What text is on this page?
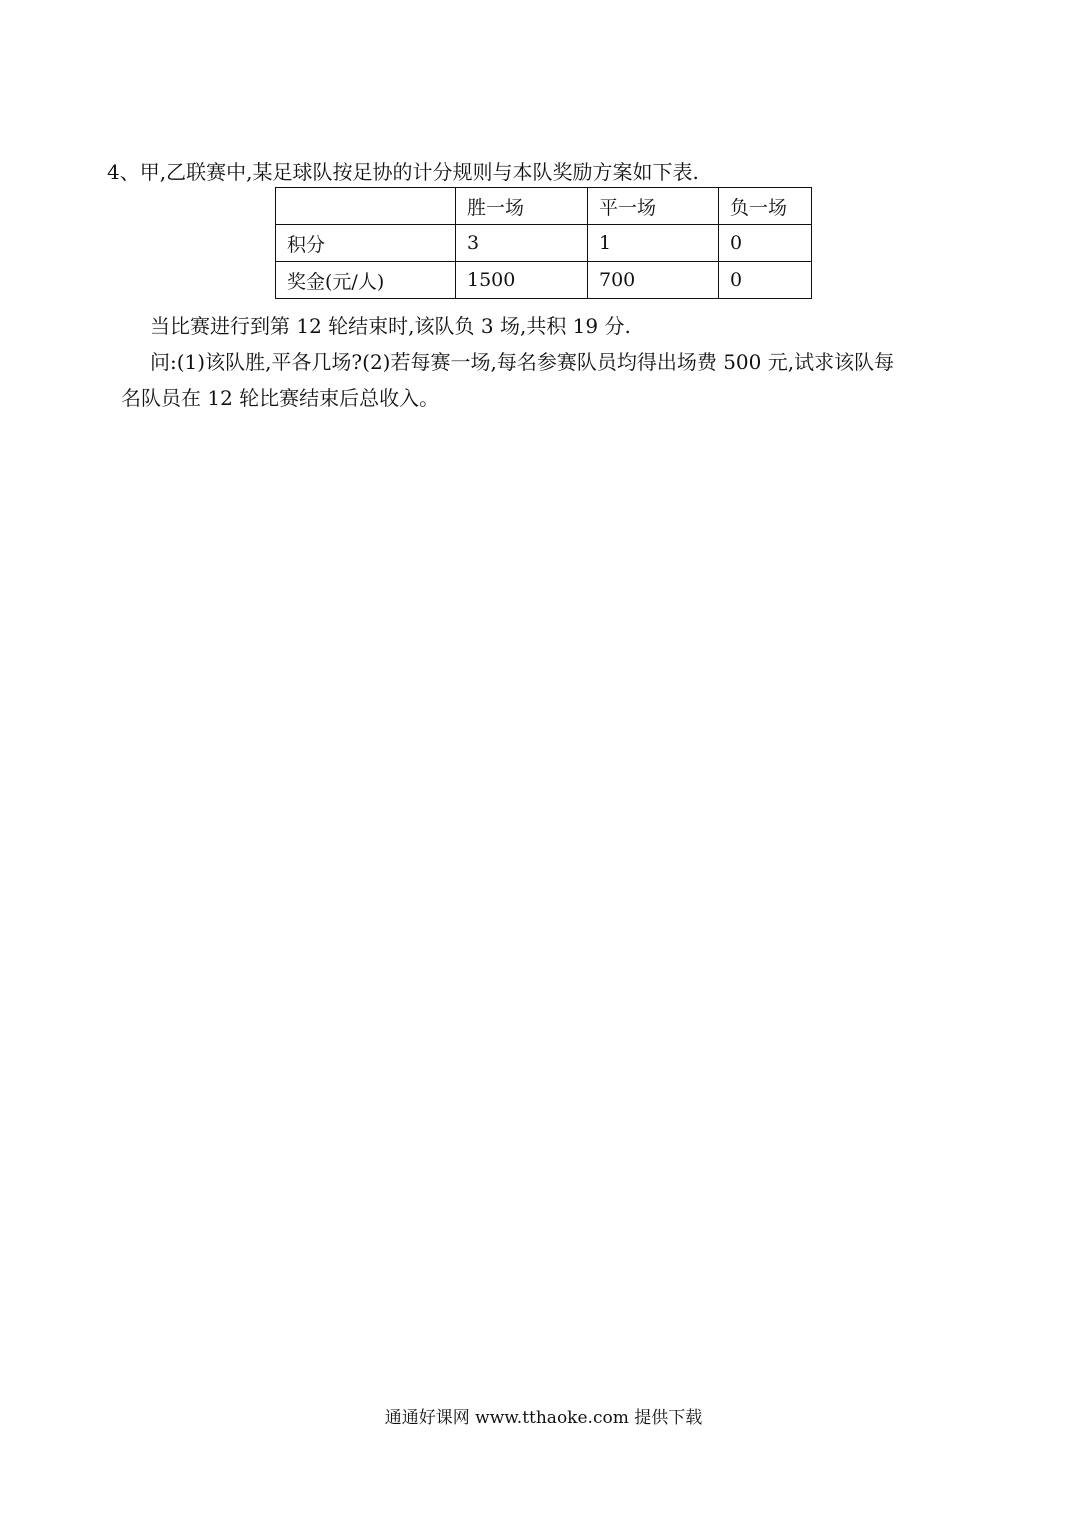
4、甲,乙联赛中,某足球队按足协的计分规则与本队奖励方案如下表.
	胜一场	平一场	负一场
积分	3	1	0
奖金(元/人)	1500	700	0
当比赛进行到第 12 轮结束时,该队负 3 场,共积 19 分.
问:(1)该队胜,平各几场?(2)若每赛一场,每名参赛队员均得出场费 500 元,试求该队每
名队员在 12 轮比赛结束后总收入。
通通好课网 www.tthaoke.com 提供下载
